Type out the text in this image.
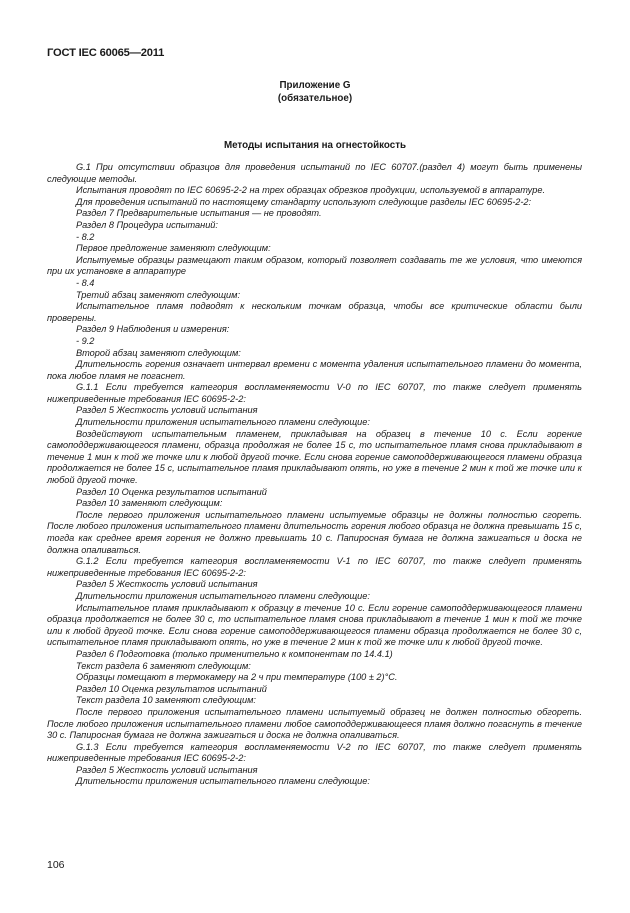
ГОСТ IEC 60065—2011
Приложение G
(обязательное)
Методы испытания на огнестойкость

G.1 При отсутствии образцов для проведения испытаний по IEC 60707.(раздел 4) могут быть применены следующие методы.

Испытания проводят по IEC 60695-2-2 на трех образцах обрезков продукции, используемой в аппаратуре.

Для проведения испытаний по настоящему стандарту используют следующие разделы IEC 60695-2-2:

Раздел 7 Предварительные испытания — не проводят.

Раздел 8 Процедура испытаний:

- 8.2

Первое предложение заменяют следующим:

Испытуемые образцы размещают таким образом, который позволяет создавать те же условия, что имеются при их установке в аппаратуре

- 8.4

Третий абзац заменяют следующим:

Испытательное пламя подводят к нескольким точкам образца, чтобы все критические области были проверены.

Раздел 9 Наблюдения и измерения:

- 9.2

Второй абзац заменяют следующим:

Длительность горения означает интервал времени с момента удаления испытательного пламени до момента, пока любое пламя не погаснет.

G.1.1 Если требуется категория воспламеняемости V-0 по IEC 60707, то также следует применять нижеприведенные требования IEC 60695-2-2:

Раздел 5 Жесткость условий испытания

Длительности приложения испытательного пламени следующие:

Воздействуют испытательным пламенем, прикладывая на образец в течение 10 с. Если горение самоподдерживающегося пламени, образца продолжая не более 15 с, то испытательное пламя снова прикладывают в течение 1 мин к той же точке или к любой другой точке. Если снова горение самоподдерживающегося пламени образца продолжается не более 15 с, испытательное пламя прикладывают опять, но уже в течение 2 мин к той же точке или к любой другой точке.

Раздел 10 Оценка результатов испытаний

Раздел 10 заменяют следующим:

После первого приложения испытательного пламени испытуемые образцы не должны полностью сгореть. После любого приложения испытательного пламени длительность горения любого образца не должна превышать 15 с, тогда как среднее время горения не должно превышать 10 с. Папиросная бумага не должна зажигаться и доска не должна опаливаться.

G.1.2 Если требуется категория воспламеняемости V-1 по IEC 60707, то также следует применять нижеприведенные требования IEC 60695-2-2:

Раздел 5 Жесткость условий испытания

Длительности приложения испытательного пламени следующие:

Испытательное пламя прикладывают к образцу в течение 10 с. Если горение самоподдерживающегося пламени образца продолжается не более 30 с, то испытательное пламя снова прикладывают в течение 1 мин к той же точке или к любой другой точке. Если снова горение самоподдерживающегося пламени образца продолжается не более 30 с, испытательное пламя прикладывают опять, но уже в течение 2 мин к той же точке или к любой другой точке.

Раздел 6 Подготовка (только применительно к компонентам по 14.4.1)

Текст раздела 6 заменяют следующим:

Образцы помещают в термокамеру на 2 ч при температуре (100 ± 2)°С.

Раздел 10 Оценка результатов испытаний

Текст раздела 10 заменяют следующим:

После первого приложения испытательного пламени испытуемый образец не должен полностью обгореть. После любого приложения испытательного пламени любое самоподдерживающееся пламя должно погаснуть в течение 30 с. Папиросная бумага не должна зажигаться и доска не должна опаливаться.

G.1.3 Если требуется категория воспламеняемости V-2 по IEC 60707, то также следует применять нижеприведенные требования IEC 60695-2-2:

Раздел 5 Жесткость условий испытания

Длительности приложения испытательного пламени следующие:

106
